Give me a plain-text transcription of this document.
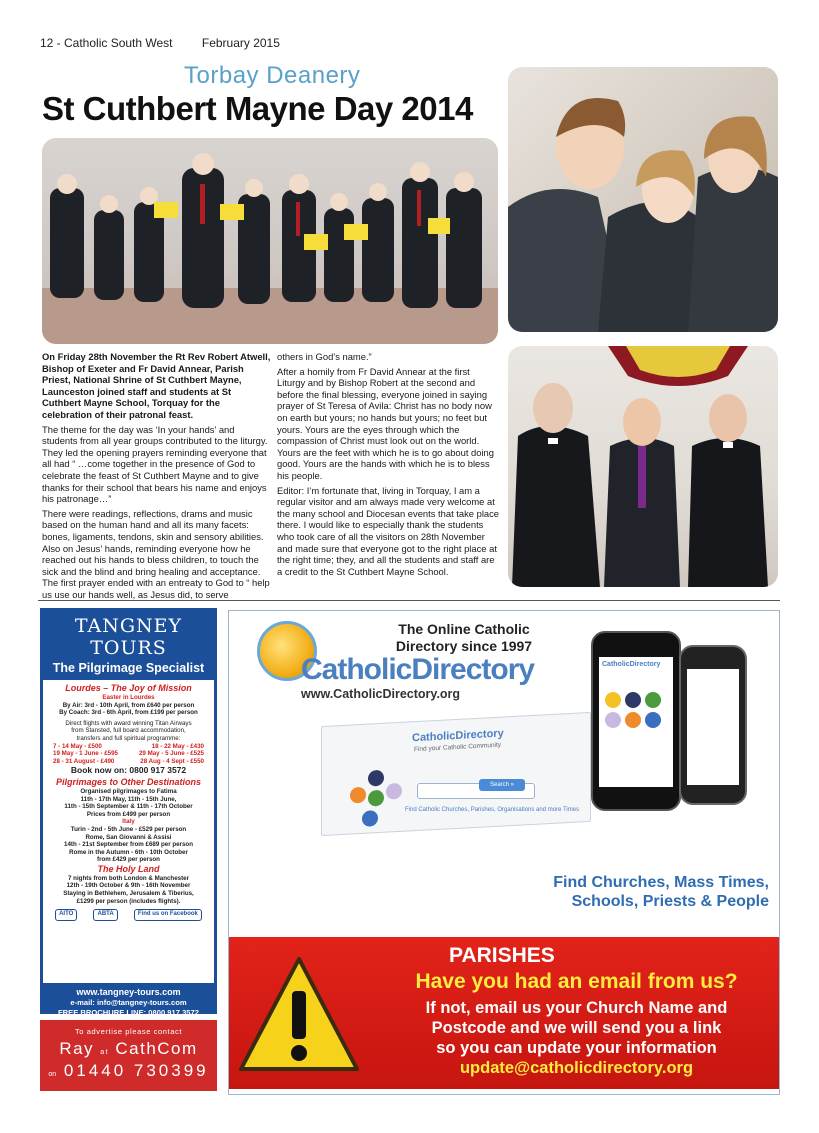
12 - Catholic South West February 2015
Torbay Deanery
St Cuthbert Mayne Day 2014

On Friday 28th November the Rt Rev Robert Atwell, Bishop of Exeter and Fr David Annear, Parish Priest, National Shrine of St Cuthbert Mayne, Launceston joined staff and students at St Cuthbert Mayne School, Torquay for the celebration of their patronal feast.

The theme for the day was ‘In your hands’ and students from all year groups contributed to the liturgy. They led the opening prayers reminding everyone that all had “ …come together in the presence of God to celebrate the feast of St Cuthbert Mayne and to give thanks for their school that bears his name and enjoys his patronage…”

There were readings, reflections, drams and music based on the human hand and all its many facets: bones, ligaments, tendons, skin and sensory abilities. Also on Jesus’ hands, reminding everyone how he reached out his hands to bless children, to touch the sick and the blind and bring healing and acceptance. The first prayer ended with an entreaty to God to “ help us use our hands well, as Jesus did, to serve

others in God’s name.”

After a homily from Fr David Annear at the first Liturgy and by Bishop Robert at the second and before the final blessing, everyone joined in saying prayer of St Teresa of Avila: Christ has no body now on earth but yours; no hands but yours; no feet but yours. Yours are the eyes through which the compassion of Christ must look out on the world. Yours are the feet with which he is to go about doing good. Yours are the hands with which he is to bless his people.

Editor: I’m fortunate that, living in Torquay, I am a regular visitor and am always made very welcome at the many school and Diocesan events that take place there. I would like to especially thank the students who took care of all the visitors on 28th November and made sure that everyone got to the right place at the right time; they, and all the students and staff are a credit to the St Cuthbert Mayne School.

TANGNEY TOURS
The Pilgrimage Specialist
Lourdes – The Joy of Mission
Easter in Lourdes
By Air: 3rd - 10th April, from £640 per person
By Coach: 3rd - 6th April, from £199 per person
Direct flights with award winning Titan Airways
from Stansted, full board accommodation,
transfers and full spiritual programme:
7 - 14 May - £500	18 - 22 May - £430
19 May - 1 June - £595	29 May - 5 June - £525
28 - 31 August - £490	28 Aug - 4 Sept - £550
Book now on: 0800 917 3572
Pilgrimages to Other Destinations
Organised pilgrimages to Fatima
11th - 17th May, 11th - 15th June,
11th - 15th September & 11th - 17th October
Prices from £499 per person
Italy
Turin - 2nd - 5th June - £529 per person
Rome, San Giovanni & Assisi
14th - 21st September from £689 per person
Rome in the Autumn - 6th - 10th October
from £429 per person
The Holy Land
7 nights from both London & Manchester
12th - 19th October & 9th - 16th November
Staying in Bethlehem, Jerusalem & Tiberius,
£1299 per person (includes flights).
AITO	ABTA	Find us on Facebook
www.tangney-tours.com
e-mail: info@tangney-tours.com
FREE BROCHURE LINE: 0800 917 3572
To advertise please contact
Ray at CathCom
on 01440 730399
The Online Catholic Directory since 1997
CatholicDirectory
www.CatholicDirectory.org
CatholicDirectory
Find your Catholic Community
Search »
Find Catholic Churches, Parishes, Organisations and more Times
CatholicDirectory
Find Churches, Mass Times, Schools, Priests & People
PARISHES
Have you had an email from us?
If not, email us your Church Name and
Postcode and we will send you a link
so you can update your information
update@catholicdirectory.org
